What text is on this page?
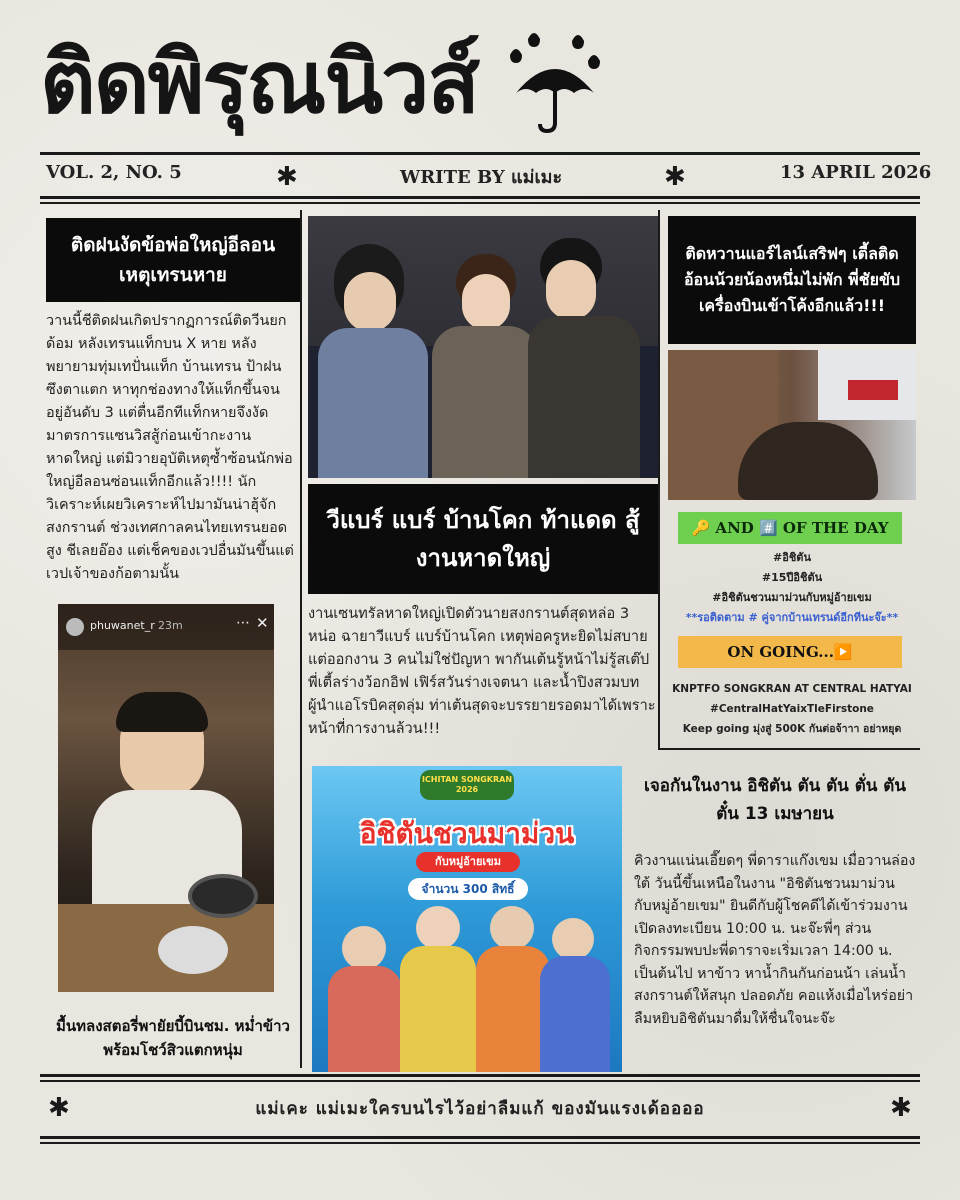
ติดพิรุณนิวส์
VOL. 2, NO. 5	✱	WRITE BY แม่เมะ	✱	13 APRIL 2026
ติดฝนงัดข้อพ่อใหญ่อีลอนเหตุเทรนหาย
วานนี้ชีติดฝนเกิดปรากฏการณ์ติดวีนยกด้อม หลังเทรนแท็กบน X หาย หลังพยายามทุ่มเทปั่นแท็ก บ้านเทรน ป้าฝนซึงตาแตก หาทุกช่องทางให้แท็กขึ้นจนอยู่อันดับ 3 แต่ตื่นอีกทีแท็กหายจึงงัดมาตรการแซนวิสสู้ก่อนเข้ากะงานหาดใหญ่ แต่มิวายอุบัติเหตุซ้ำซ้อนนักพ่อใหญ่อีลอนซ่อนแท็กอีกแล้ว!!!! นักวิเคราะห์เผยวิเคราะห์ไปมามันน่าฮุ้จัก สงกรานต์ ช่วงเทศกาลคนไทยเทรนยอดสูง ชีเลยอ๊อง แต่เช็คของเวปอื่นมันขึ้นแต่เวปเจ้าของก้อตามนั้น
phuwanet_r 23m	⋯ ✕
มื้นทลงสตอรี่พายัยบี้บินชม. หม่ำข้าวพร้อมโชว์สิวแตกหนุ่ม
วีแบร์ แบร์ บ้านโคก ท้าแดด สู้งานหาดใหญ่
งานเซนทรัลหาดใหญ่เปิดตัวนายสงกรานต์สุดหล่อ 3 หน่อ ฉายาวีแบร์ แบร์บ้านโคก เหตุพ่อครูหะยิดไม่สบาย แต่ออกงาน 3 คนไม่ใช่ปัญหา พากันเต้นรู้หน้าไม่รู้สเต๊ป พี่เตี้ลร่างว้อกอิฟ เฟิร์สวันร่างเจตนา และน้ำปิงสวมบทผู้นำแอโรบิคสุดลุ่ม ท่าเต้นสุดจะบรรยายรอดมาได้เพราะหน้าที่การงานล้วน!!!
ICHITAN SONGKRAN 2026
อิชิตันชวนมาม่วน
กับหมู่อ้ายเขม
จำนวน 300 สิทธิ์
ติดหวานแอร์ไลน์เสริฟๆ เตี้ลติดอ้อนน้วยน้องหนึ่มไม่พัก พี่ชัยขับเครื่องบินเข้าโค้งอีกแล้ว!!!
🔑 AND #️⃣ OF THE DAY
#อิชิตัน
#15ปีอิชิตัน
#อิชิตันชวนมาม่วนกับหมู่อ้ายเขม
**รอติดตาม # คู่จากบ้านเทรนด์อีกทีนะจ๊ะ**
ON GOING...▶️
KNPTFO SONGKRAN AT CENTRAL HATYAI
#CentralHatYaixTleFirstone
Keep going มุ่งสู่ 500K กันต่อจ้าาา อย่าหยุด
เจอกันในงาน อิชิตัน ตัน ตัน ตั่น ตัน ตั๋น 13 เมษายน
คิวงานแน่นเอี๊ยดๆ พี่ดาราแก๊งเขม เมื่อวานล่องใต้ วันนี้ขึ้นเหนือในงาน "อิชิตันชวนมาม่วน กับหมู่อ้ายเขม" ยินดีกับผู้โชคดีได้เข้าร่วมงาน เปิดลงทะเบียน 10:00 น. นะจ๊ะพี่ๆ ส่วนกิจกรรมพบปะพี่ดาราจะเริ่มเวลา 14:00 น. เป็นต้นไป หาข้าว หาน้ำกินกันก่อนน้า เล่นน้ำสงกรานต์ให้สนุก ปลอดภัย คอแห้งเมื่อไหร่อย่าลืมหยิบอิชิตันมาดื่มให้ชื่นใจนะจ๊ะ
✱	แม่เคะ แม่เมะใครบนไรไว้อย่าลืมแก้ ของมันแรงเด้ออออ	✱
